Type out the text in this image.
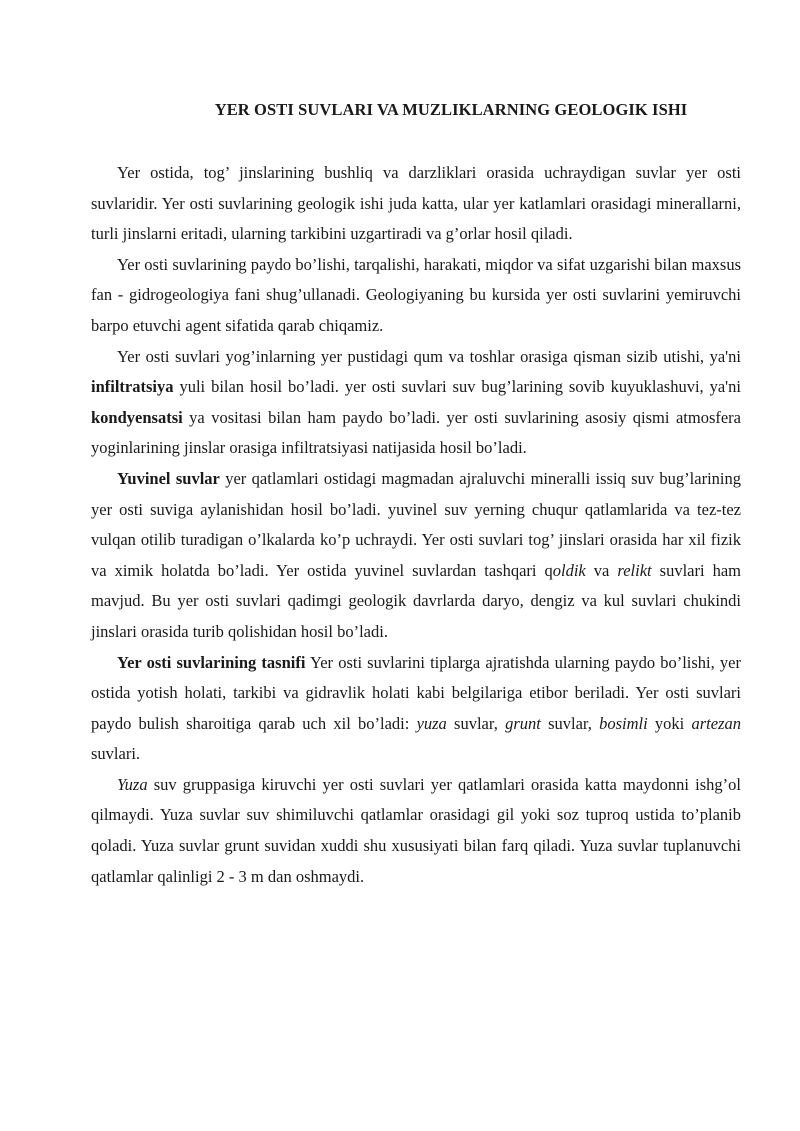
YER OSTI SUVLARI VA MUZLIKLARNING GEOLOGIK ISHI

Yer ostida, tog’ jinslarining bushliq va darzliklari orasida uchraydigan suvlar yer osti suvlaridir. Yer osti suvlarining geologik ishi juda katta, ular yer katlamlari orasidagi minerallarni, turli jinslarni eritadi, ularning tarkibini uzgartiradi va g’orlar hosil qiladi.

Yer osti suvlarining paydo bo’lishi, tarqalishi, harakati, miqdor va sifat uzgarishi bilan maxsus fan - gidrogeologiya fani shug’ullanadi. Geologiyaning bu kursida yer osti suvlarini yemiruvchi barpo etuvchi agent sifatida qarab chiqamiz.

Yer osti suvlari yog’inlarning yer pustidagi qum va toshlar orasiga qisman sizib utishi, ya'ni infiltratsiya yuli bilan hosil bo’ladi. yer osti suvlari suv bug’larining sovib kuyuklashuvi, ya'ni kondyensatsi ya vositasi bilan ham paydo bo’ladi. yer osti suvlarining asosiy qismi atmosfera yoginlarining jinslar orasiga infiltratsiyasi natijasida hosil bo’ladi.

Yuvinel suvlar yer qatlamlari ostidagi magmadan ajraluvchi mineralli issiq suv bug’larining yer osti suviga aylanishidan hosil bo’ladi. yuvinel suv yerning chuqur qatlamlarida va tez-tez vulqan otilib turadigan o’lkalarda ko’p uchraydi. Yer osti suvlari tog’ jinslari orasida har xil fizik va ximik holatda bo’ladi. Yer ostida yuvinel suvlardan tashqari qoldik va relikt suvlari ham mavjud. Bu yer osti suvlari qadimgi geologik davrlarda daryo, dengiz va kul suvlari chukindi jinslari orasida turib qolishidan hosil bo’ladi.

Yer osti suvlarining tasnifi Yer osti suvlarini tiplarga ajratishda ularning paydo bo’lishi, yer ostida yotish holati, tarkibi va gidravlik holati kabi belgilariga etibor beriladi. Yer osti suvlari paydo bulish sharoitiga qarab uch xil bo’ladi: yuza suvlar, grunt suvlar, bosimli yoki artezan suvlari.

Yuza suv gruppasiga kiruvchi yer osti suvlari yer qatlamlari orasida katta maydonni ishg’ol qilmaydi. Yuza suvlar suv shimiluvchi qatlamlar orasidagi gil yoki soz tuproq ustida to’planib qoladi. Yuza suvlar grunt suvidan xuddi shu xususiyati bilan farq qiladi. Yuza suvlar tuplanuvchi qatlamlar qalinligi 2 - 3 m dan oshmaydi.
